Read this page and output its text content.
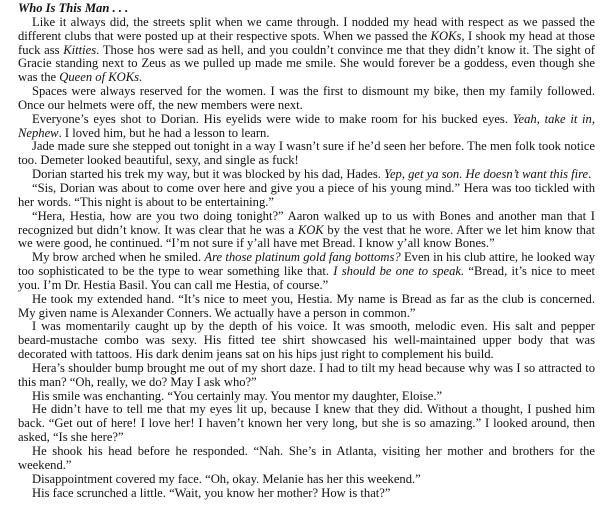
Who Is This Man . . .

Like it always did, the streets split when we came through. I nodded my head with respect as we passed the different clubs that were posted up at their respective spots. When we passed the KOKs, I shook my head at those fuck ass Kitties. Those hos were sad as hell, and you couldn’t convince me that they didn’t know it. The sight of Gracie standing next to Zeus as we pulled up made me smile. She would forever be a goddess, even though she was the Queen of KOKs.

Spaces were always reserved for the women. I was the first to dismount my bike, then my family followed. Once our helmets were off, the new members were next.

Everyone’s eyes shot to Dorian. His eyelids were wide to make room for his bucked eyes. Yeah, take it in, Nephew. I loved him, but he had a lesson to learn.

Jade made sure she stepped out tonight in a way I wasn’t sure if he’d seen her before. The men folk took notice too. Demeter looked beautiful, sexy, and single as fuck!

Dorian started his trek my way, but it was blocked by his dad, Hades. Yep, get ya son. He doesn’t want this fire.

“Sis, Dorian was about to come over here and give you a piece of his young mind.” Hera was too tickled with her words. “This night is about to be entertaining.”

“Hera, Hestia, how are you two doing tonight?” Aaron walked up to us with Bones and another man that I recognized but didn’t know. It was clear that he was a KOK by the vest that he wore. After we let him know that we were good, he continued. “I’m not sure if y’all have met Bread. I know y’all know Bones.”

My brow arched when he smiled. Are those platinum gold fang bottoms? Even in his club attire, he looked way too sophisticated to be the type to wear something like that. I should be one to speak. “Bread, it’s nice to meet you. I’m Dr. Hestia Basil. You can call me Hestia, of course.”

He took my extended hand. “It’s nice to meet you, Hestia. My name is Bread as far as the club is concerned. My given name is Alexander Conners. We actually have a person in common.”

I was momentarily caught up by the depth of his voice. It was smooth, melodic even. His salt and pepper beard-mustache combo was sexy. His fitted tee shirt showcased his well-maintained upper body that was decorated with tattoos. His dark denim jeans sat on his hips just right to complement his build.

Hera’s shoulder bump brought me out of my short daze. I had to tilt my head because why was I so attracted to this man? “Oh, really, we do? May I ask who?”

His smile was enchanting. “You certainly may. You mentor my daughter, Eloise.”

He didn’t have to tell me that my eyes lit up, because I knew that they did. Without a thought, I pushed him back. “Get out of here! I love her! I haven’t known her very long, but she is so amazing.” I looked around, then asked, “Is she here?”

He shook his head before he responded. “Nah. She’s in Atlanta, visiting her mother and brothers for the weekend.”

Disappointment covered my face. “Oh, okay. Melanie has her this weekend.”

His face scrunched a little. “Wait, you know her mother? How is that?”
